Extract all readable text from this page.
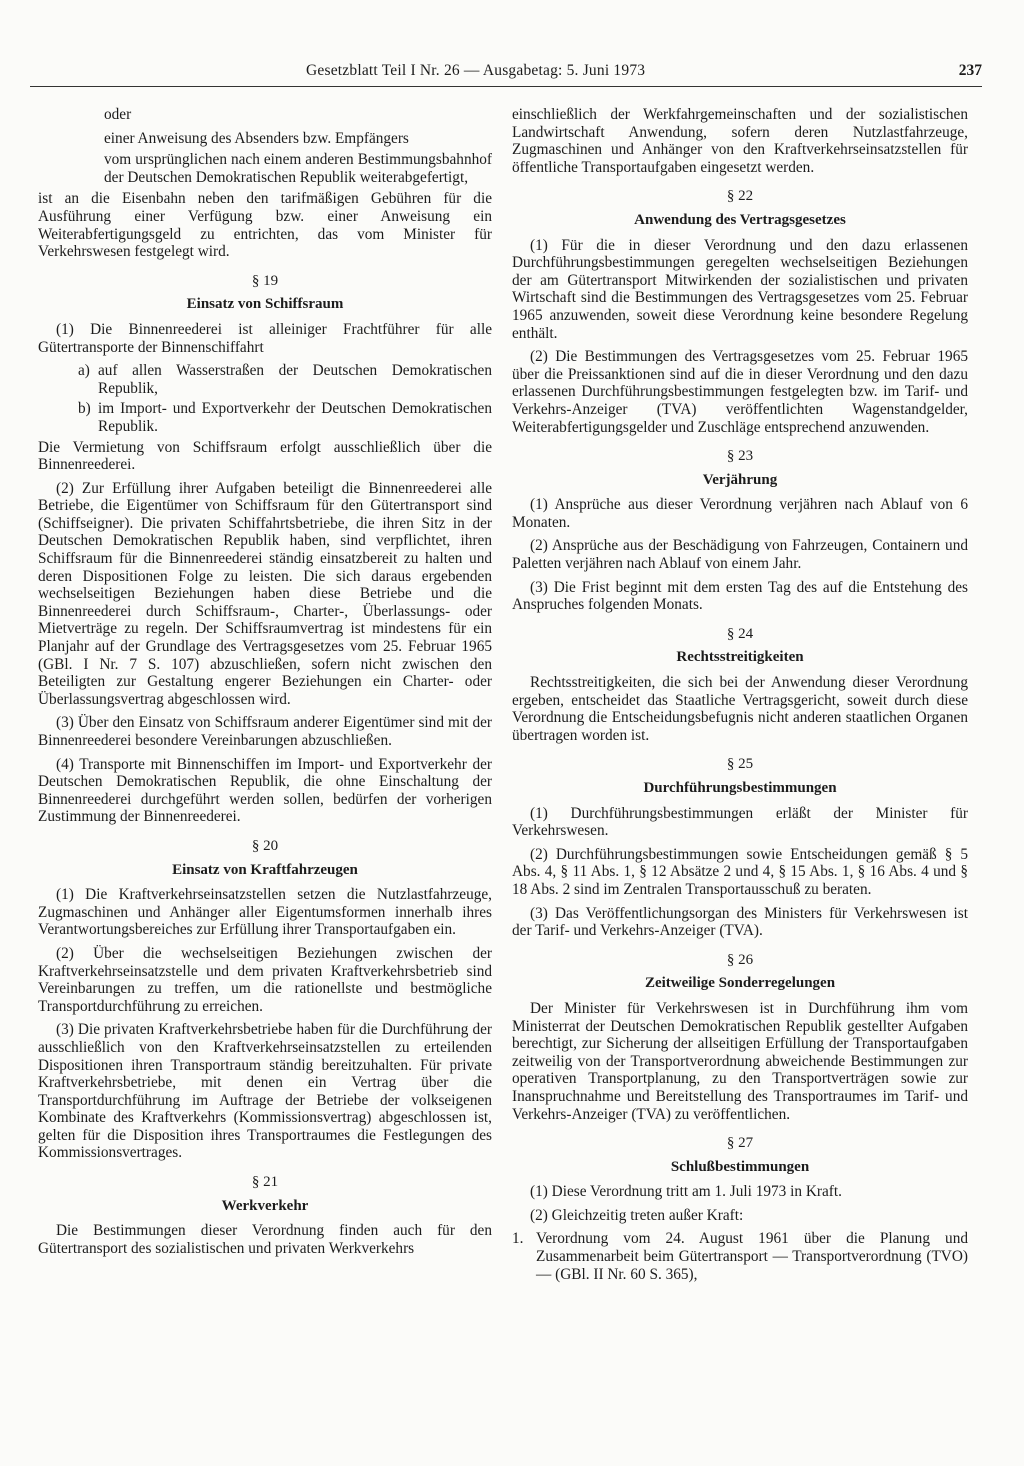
Gesetzblatt Teil I Nr. 26 — Ausgabetag: 5. Juni 1973	237

oder

einer Anweisung des Absenders bzw. Empfängers

vom ursprünglichen nach einem anderen Bestimmungsbahnhof der Deutschen Demokratischen Republik weiterabgefertigt,

ist an die Eisenbahn neben den tarifmäßigen Gebühren für die Ausführung einer Verfügung bzw. einer Anweisung ein Weiterabfertigungsgeld zu entrichten, das vom Minister für Verkehrswesen festgelegt wird.

§ 19
Einsatz von Schiffsraum

(1) Die Binnenreederei ist alleiniger Frachtführer für alle Gütertransporte der Binnenschiffahrt

a) auf allen Wasserstraßen der Deutschen Demokratischen Republik,
b) im Import- und Exportverkehr der Deutschen Demokratischen Republik.

Die Vermietung von Schiffsraum erfolgt ausschließlich über die Binnenreederei.

(2) Zur Erfüllung ihrer Aufgaben beteiligt die Binnenreederei alle Betriebe, die Eigentümer von Schiffsraum für den Gütertransport sind (Schiffseigner). Die privaten Schiffahrtsbetriebe, die ihren Sitz in der Deutschen Demokratischen Republik haben, sind verpflichtet, ihren Schiffsraum für die Binnenreederei ständig einsatzbereit zu halten und deren Dispositionen Folge zu leisten. Die sich daraus ergebenden wechselseitigen Beziehungen haben diese Betriebe und die Binnenreederei durch Schiffsraum-, Charter-, Überlassungs- oder Mietverträge zu regeln. Der Schiffsraumvertrag ist mindestens für ein Planjahr auf der Grundlage des Vertragsgesetzes vom 25. Februar 1965 (GBl. I Nr. 7 S. 107) abzuschließen, sofern nicht zwischen den Beteiligten zur Gestaltung engerer Beziehungen ein Charter- oder Überlassungsvertrag abgeschlossen wird.

(3) Über den Einsatz von Schiffsraum anderer Eigentümer sind mit der Binnenreederei besondere Vereinbarungen abzuschließen.

(4) Transporte mit Binnenschiffen im Import- und Exportverkehr der Deutschen Demokratischen Republik, die ohne Einschaltung der Binnenreederei durchgeführt werden sollen, bedürfen der vorherigen Zustimmung der Binnenreederei.

§ 20
Einsatz von Kraftfahrzeugen

(1) Die Kraftverkehrseinsatzstellen setzen die Nutzlastfahrzeuge, Zugmaschinen und Anhänger aller Eigentumsformen innerhalb ihres Verantwortungsbereiches zur Erfüllung ihrer Transportaufgaben ein.

(2) Über die wechselseitigen Beziehungen zwischen der Kraftverkehrseinsatzstelle und dem privaten Kraftverkehrsbetrieb sind Vereinbarungen zu treffen, um die rationellste und bestmögliche Transportdurchführung zu erreichen.

(3) Die privaten Kraftverkehrsbetriebe haben für die Durchführung der ausschließlich von den Kraftverkehrseinsatzstellen zu erteilenden Dispositionen ihren Transportraum ständig bereitzuhalten. Für private Kraftverkehrsbetriebe, mit denen ein Vertrag über die Transportdurchführung im Auftrage der Betriebe der volkseigenen Kombinate des Kraftverkehrs (Kommissionsvertrag) abgeschlossen ist, gelten für die Disposition ihres Transportraumes die Festlegungen des Kommissionsvertrages.

§ 21
Werkverkehr

Die Bestimmungen dieser Verordnung finden auch für den Gütertransport des sozialistischen und privaten Werkverkehrs

einschließlich der Werkfahrgemeinschaften und der sozialistischen Landwirtschaft Anwendung, sofern deren Nutzlastfahrzeuge, Zugmaschinen und Anhänger von den Kraftverkehrseinsatzstellen für öffentliche Transportaufgaben eingesetzt werden.

§ 22
Anwendung des Vertragsgesetzes

(1) Für die in dieser Verordnung und den dazu erlassenen Durchführungsbestimmungen geregelten wechselseitigen Beziehungen der am Gütertransport Mitwirkenden der sozialistischen und privaten Wirtschaft sind die Bestimmungen des Vertragsgesetzes vom 25. Februar 1965 anzuwenden, soweit diese Verordnung keine besondere Regelung enthält.

(2) Die Bestimmungen des Vertragsgesetzes vom 25. Februar 1965 über die Preissanktionen sind auf die in dieser Verordnung und den dazu erlassenen Durchführungsbestimmungen festgelegten bzw. im Tarif- und Verkehrs-Anzeiger (TVA) veröffentlichten Wagenstandgelder, Weiterabfertigungsgelder und Zuschläge entsprechend anzuwenden.

§ 23
Verjährung

(1) Ansprüche aus dieser Verordnung verjähren nach Ablauf von 6 Monaten.

(2) Ansprüche aus der Beschädigung von Fahrzeugen, Containern und Paletten verjähren nach Ablauf von einem Jahr.

(3) Die Frist beginnt mit dem ersten Tag des auf die Entstehung des Anspruches folgenden Monats.

§ 24
Rechtsstreitigkeiten

Rechtsstreitigkeiten, die sich bei der Anwendung dieser Verordnung ergeben, entscheidet das Staatliche Vertragsgericht, soweit durch diese Verordnung die Entscheidungsbefugnis nicht anderen staatlichen Organen übertragen worden ist.

§ 25
Durchführungsbestimmungen

(1) Durchführungsbestimmungen erläßt der Minister für Verkehrswesen.

(2) Durchführungsbestimmungen sowie Entscheidungen gemäß § 5 Abs. 4, § 11 Abs. 1, § 12 Absätze 2 und 4, § 15 Abs. 1, § 16 Abs. 4 und § 18 Abs. 2 sind im Zentralen Transportausschuß zu beraten.

(3) Das Veröffentlichungsorgan des Ministers für Verkehrswesen ist der Tarif- und Verkehrs-Anzeiger (TVA).

§ 26
Zeitweilige Sonderregelungen

Der Minister für Verkehrswesen ist in Durchführung ihm vom Ministerrat der Deutschen Demokratischen Republik gestellter Aufgaben berechtigt, zur Sicherung der allseitigen Erfüllung der Transportaufgaben zeitweilig von der Transportverordnung abweichende Bestimmungen zur operativen Transportplanung, zu den Transportverträgen sowie zur Inanspruchnahme und Bereitstellung des Transportraumes im Tarif- und Verkehrs-Anzeiger (TVA) zu veröffentlichen.

§ 27
Schlußbestimmungen

(1) Diese Verordnung tritt am 1. Juli 1973 in Kraft.

(2) Gleichzeitig treten außer Kraft:

1. Verordnung vom 24. August 1961 über die Planung und Zusammenarbeit beim Gütertransport — Transportverordnung (TVO) — (GBl. II Nr. 60 S. 365),
